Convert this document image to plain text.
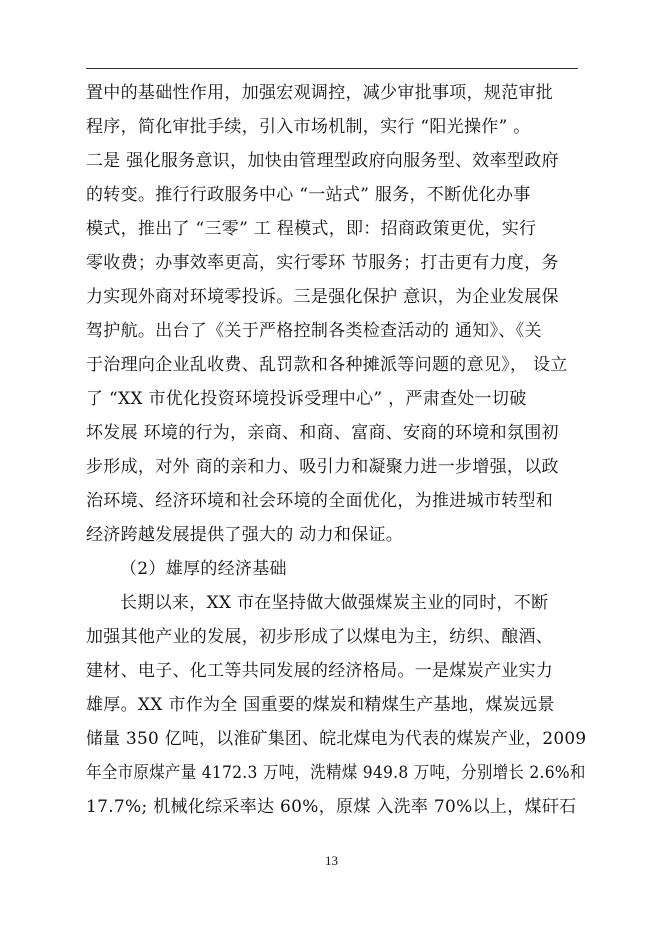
置中的基础性作用，加强宏观调控，减少审批事项，规范审批
程序，简化审批手续，引入市场机制，实行 “阳光操作” 。
二是 强化服务意识，加快由管理型政府向服务型、效率型政府
的转变。推行行政服务中心 “一站式” 服务，不断优化办事
模式，推出了 “三零” 工 程模式，即：招商政策更优，实行
零收费；办事效率更高，实行零环 节服务；打击更有力度，务
力实现外商对环境零投诉。三是强化保护 意识，为企业发展保
驾护航。出台了《关于严格控制各类检查活动的 通知》、《关
于治理向企业乱收费、乱罚款和各种摊派等问题的意见》， 设立
了 “XX 市优化投资环境投诉受理中心” ，严肃查处一切破
坏发展 环境的行为，亲商、和商、富商、安商的环境和氛围初
步形成，对外 商的亲和力、吸引力和凝聚力进一步增强，以政
治环境、经济环境和社会环境的全面优化，为推进城市转型和
经济跨越发展提供了强大的 动力和保证。
（2）雄厚的经济基础
长期以来，XX 市在坚持做大做强煤炭主业的同时，不断
加强其他产业的发展，初步形成了以煤电为主，纺织、酿酒、
建材、电子、化工等共同发展的经济格局。一是煤炭产业实力
雄厚。XX 市作为全 国重要的煤炭和精煤生产基地，煤炭远景
储量 350 亿吨，以淮矿集团、皖北煤电为代表的煤炭产业，2009
年全市原煤产量 4172.3 万吨，洗精煤 949.8 万吨，分别增长 2.6%和
17.7%; 机械化综采率达 60%，原煤 入洗率 70%以上，煤矸石
13
